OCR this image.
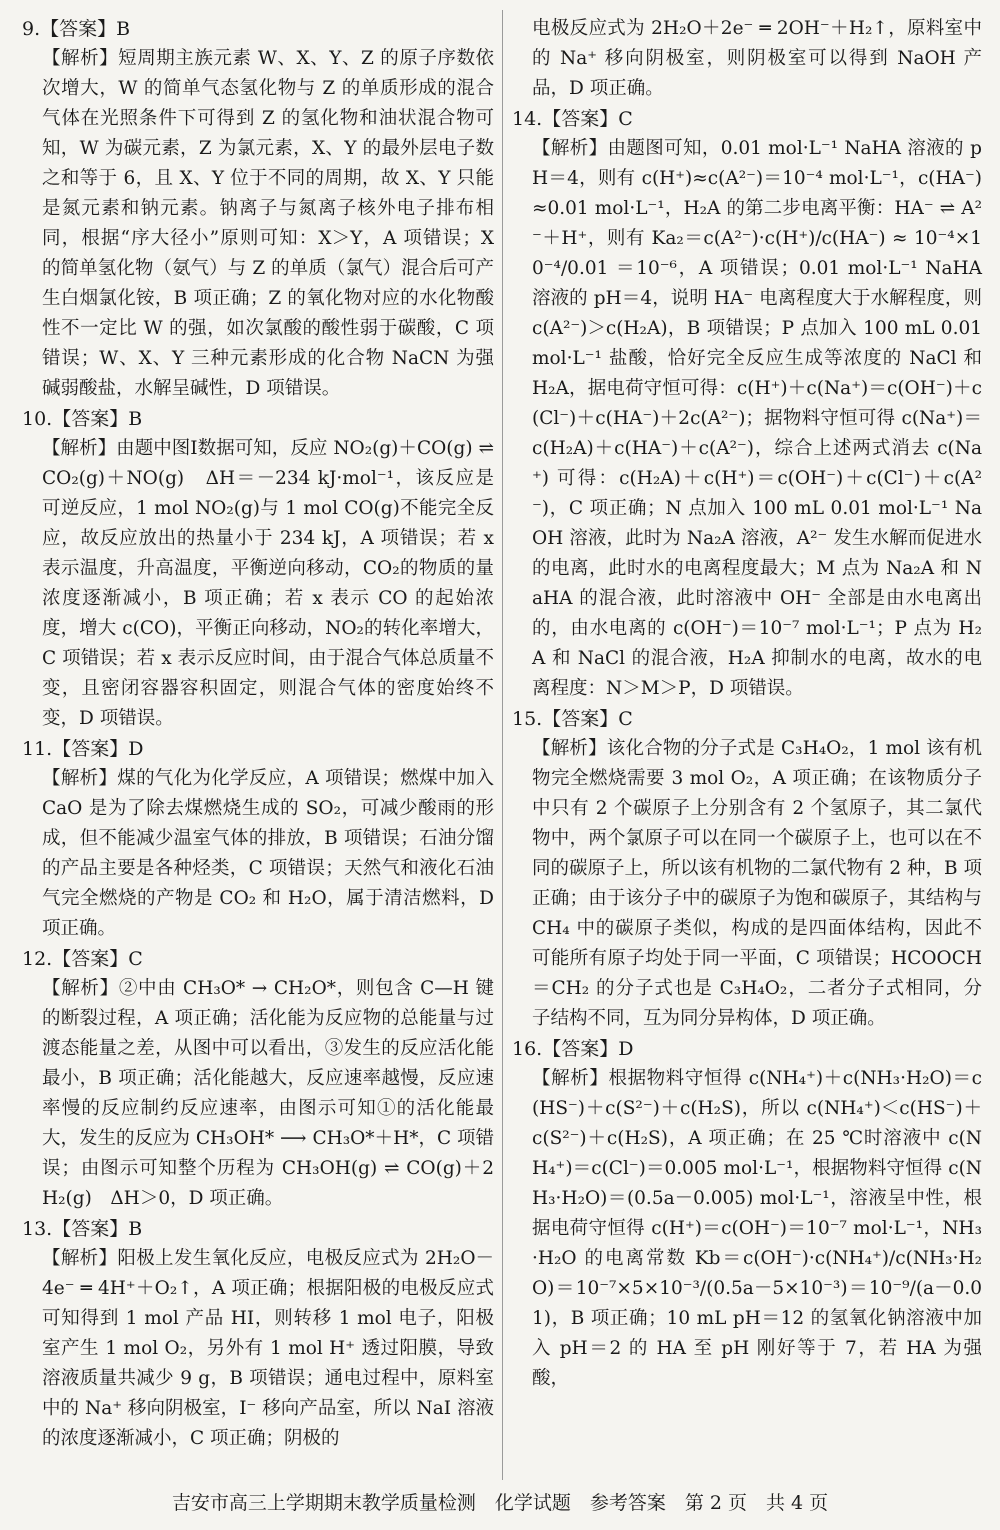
9.【答案】B

【解析】短周期主族元素 W、X、Y、Z 的原子序数依次增大，W 的简单气态氢化物与 Z 的单质形成的混合气体在光照条件下可得到 Z 的氢化物和油状混合物可知，W 为碳元素，Z 为氯元素，X、Y 的最外层电子数之和等于 6，且 X、Y 位于不同的周期，故 X、Y 只能是氮元素和钠元素。钠离子与氮离子核外电子排布相同，根据“序大径小”原则可知：X＞Y，A 项错误；X 的简单氢化物（氨气）与 Z 的单质（氯气）混合后可产生白烟氯化铵，B 项正确；Z 的氧化物对应的水化物酸性不一定比 W 的强，如次氯酸的酸性弱于碳酸，C 项错误；W、X、Y 三种元素形成的化合物 NaCN 为强碱弱酸盐，水解呈碱性，D 项错误。

10.【答案】B

【解析】由题中图Ⅰ数据可知，反应 NO₂(g)＋CO(g) ⇌ CO₂(g)＋NO(g)　ΔH＝－234 kJ·mol⁻¹，该反应是可逆反应，1 mol NO₂(g)与 1 mol CO(g)不能完全反应，故反应放出的热量小于 234 kJ，A 项错误；若 x 表示温度，升高温度，平衡逆向移动，CO₂的物质的量浓度逐渐减小，B 项正确；若 x 表示 CO 的起始浓度，增大 c(CO)，平衡正向移动，NO₂的转化率增大，C 项错误；若 x 表示反应时间，由于混合气体总质量不变，且密闭容器容积固定，则混合气体的密度始终不变，D 项错误。

11.【答案】D

【解析】煤的气化为化学反应，A 项错误；燃煤中加入 CaO 是为了除去煤燃烧生成的 SO₂，可减少酸雨的形成，但不能减少温室气体的排放，B 项错误；石油分馏的产品主要是各种烃类，C 项错误；天然气和液化石油气完全燃烧的产物是 CO₂ 和 H₂O，属于清洁燃料，D 项正确。

12.【答案】C

【解析】②中由 CH₃O* → CH₂O*，则包含 C—H 键的断裂过程，A 项正确；活化能为反应物的总能量与过渡态能量之差，从图中可以看出，③发生的反应活化能最小，B 项正确；活化能越大，反应速率越慢，反应速率慢的反应制约反应速率，由图示可知①的活化能最大，发生的反应为 CH₃OH* ⟶ CH₃O*＋H*，C 项错误；由图示可知整个历程为 CH₃OH(g) ⇌ CO(g)＋2H₂(g)　ΔH＞0，D 项正确。

13.【答案】B

【解析】阳极上发生氧化反应，电极反应式为 2H₂O－4e⁻ ═ 4H⁺＋O₂↑，A 项正确；根据阳极的电极反应式可知得到 1 mol 产品 HI，则转移 1 mol 电子，阳极室产生 1 mol O₂，另外有 1 mol H⁺ 透过阳膜，导致溶液质量共减少 9 g，B 项错误；通电过程中，原料室中的 Na⁺ 移向阴极室，I⁻ 移向产品室，所以 NaI 溶液的浓度逐渐减小，C 项正确；阴极的

电极反应式为 2H₂O＋2e⁻ ═ 2OH⁻＋H₂↑，原料室中的 Na⁺ 移向阴极室，则阴极室可以得到 NaOH 产品，D 项正确。

14.【答案】C

【解析】由题图可知，0.01 mol·L⁻¹ NaHA 溶液的 pH＝4，则有 c(H⁺)≈c(A²⁻)＝10⁻⁴ mol·L⁻¹，c(HA⁻)≈0.01 mol·L⁻¹，H₂A 的第二步电离平衡：HA⁻ ⇌ A²⁻＋H⁺，则有 Ka₂＝c(A²⁻)·c(H⁺)/c(HA⁻) ≈ 10⁻⁴×10⁻⁴/0.01 ＝10⁻⁶，A 项错误；0.01 mol·L⁻¹ NaHA 溶液的 pH＝4，说明 HA⁻ 电离程度大于水解程度，则 c(A²⁻)＞c(H₂A)，B 项错误；P 点加入 100 mL 0.01 mol·L⁻¹ 盐酸，恰好完全反应生成等浓度的 NaCl 和 H₂A，据电荷守恒可得：c(H⁺)＋c(Na⁺)＝c(OH⁻)＋c(Cl⁻)＋c(HA⁻)＋2c(A²⁻)；据物料守恒可得 c(Na⁺)＝c(H₂A)＋c(HA⁻)＋c(A²⁻)，综合上述两式消去 c(Na⁺) 可得：c(H₂A)＋c(H⁺)＝c(OH⁻)＋c(Cl⁻)＋c(A²⁻)，C 项正确；N 点加入 100 mL 0.01 mol·L⁻¹ NaOH 溶液，此时为 Na₂A 溶液，A²⁻ 发生水解而促进水的电离，此时水的电离程度最大；M 点为 Na₂A 和 NaHA 的混合液，此时溶液中 OH⁻ 全部是由水电离出的，由水电离的 c(OH⁻)＝10⁻⁷ mol·L⁻¹；P 点为 H₂A 和 NaCl 的混合液，H₂A 抑制水的电离，故水的电离程度：N＞M＞P，D 项错误。

15.【答案】C

【解析】该化合物的分子式是 C₃H₄O₂，1 mol 该有机物完全燃烧需要 3 mol O₂，A 项正确；在该物质分子中只有 2 个碳原子上分别含有 2 个氢原子，其二氯代物中，两个氯原子可以在同一个碳原子上，也可以在不同的碳原子上，所以该有机物的二氯代物有 2 种，B 项正确；由于该分子中的碳原子为饱和碳原子，其结构与 CH₄ 中的碳原子类似，构成的是四面体结构，因此不可能所有原子均处于同一平面，C 项错误；HCOOCH＝CH₂ 的分子式也是 C₃H₄O₂，二者分子式相同，分子结构不同，互为同分异构体，D 项正确。

16.【答案】D

【解析】根据物料守恒得 c(NH₄⁺)＋c(NH₃·H₂O)＝c(HS⁻)＋c(S²⁻)＋c(H₂S)，所以 c(NH₄⁺)＜c(HS⁻)＋c(S²⁻)＋c(H₂S)，A 项正确；在 25 ℃时溶液中 c(NH₄⁺)＝c(Cl⁻)＝0.005 mol·L⁻¹，根据物料守恒得 c(NH₃·H₂O)＝(0.5a－0.005) mol·L⁻¹，溶液呈中性，根据电荷守恒得 c(H⁺)＝c(OH⁻)＝10⁻⁷ mol·L⁻¹，NH₃·H₂O 的电离常数 Kb＝c(OH⁻)·c(NH₄⁺)/c(NH₃·H₂O)＝10⁻⁷×5×10⁻³/(0.5a－5×10⁻³)＝10⁻⁹/(a－0.01)，B 项正确；10 mL pH＝12 的氢氧化钠溶液中加入 pH＝2 的 HA 至 pH 刚好等于 7，若 HA 为强酸，

吉安市高三上学期期末教学质量检测　化学试题　参考答案　第 2 页　共 4 页
